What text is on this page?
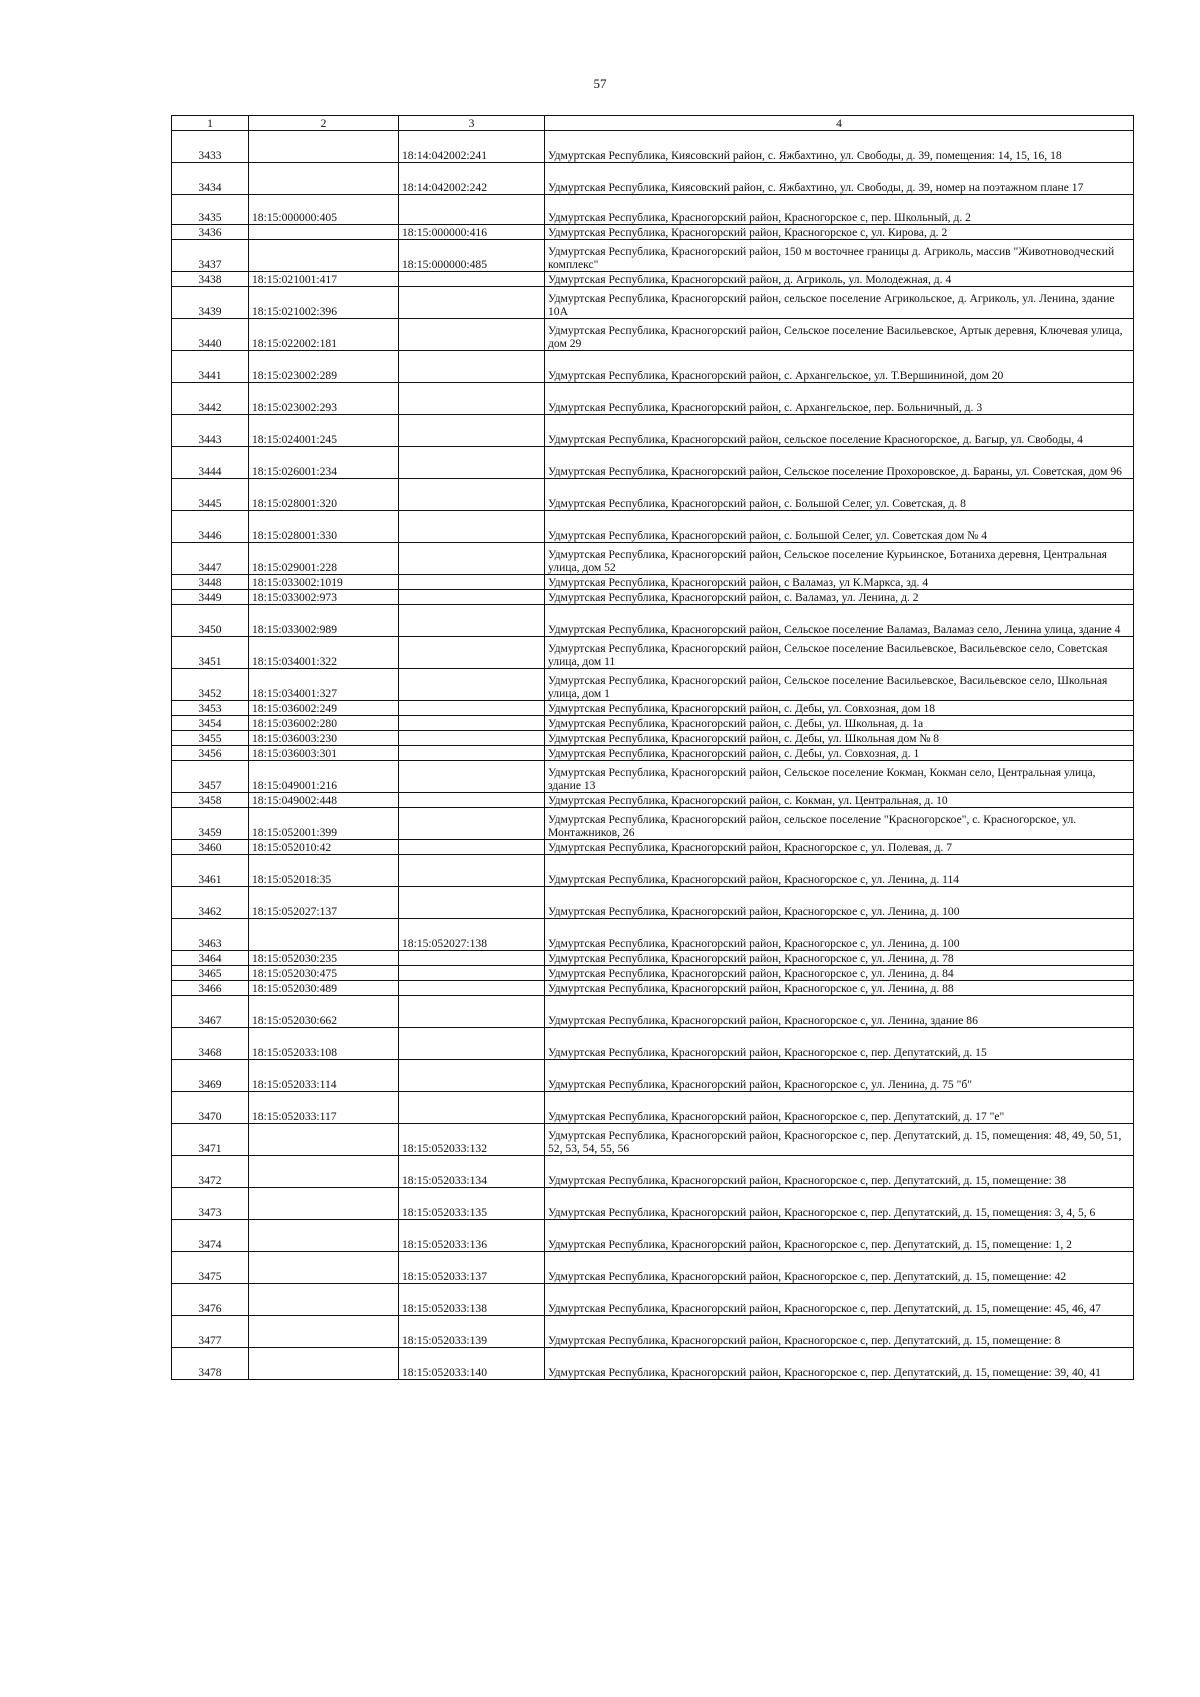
57
1	2	3	4
3433		18:14:042002:241	Удмуртская Республика, Киясовский район, с. Яжбахтино, ул. Свободы, д. 39, помещения: 14, 15, 16, 18
3434		18:14:042002:242	Удмуртская Республика, Киясовский район, с. Яжбахтино, ул. Свободы, д. 39, номер на поэтажном плане 17
3435	18:15:000000:405		Удмуртская Республика, Красногорский район, Красногорское с, пер. Школьный, д. 2
3436		18:15:000000:416	Удмуртская Республика, Красногорский район, Красногорское с, ул. Кирова, д. 2
3437		18:15:000000:485	Удмуртская Республика, Красногорский район, 150 м восточнее границы д. Агриколь, массив "Животноводческий комплекс"
3438	18:15:021001:417		Удмуртская Республика, Красногорский район, д. Агриколь, ул. Молодежная, д. 4
3439	18:15:021002:396		Удмуртская Республика, Красногорский район, сельское поселение Агрикольское, д. Агриколь, ул. Ленина, здание 10А
3440	18:15:022002:181		Удмуртская Республика, Красногорский район, Сельское поселение Васильевское, Артык деревня, Ключевая улица, дом 29
3441	18:15:023002:289		Удмуртская Республика, Красногорский район, с. Архангельское, ул. Т.Вершининой, дом 20
3442	18:15:023002:293		Удмуртская Республика, Красногорский район, с. Архангельское, пер. Больничный, д. 3
3443	18:15:024001:245		Удмуртская Республика, Красногорский район, сельское поселение Красногорское, д. Багыр, ул. Свободы, 4
3444	18:15:026001:234		Удмуртская Республика, Красногорский район, Сельское поселение Прохоровское, д. Бараны, ул. Советская, дом 96
3445	18:15:028001:320		Удмуртская Республика, Красногорский район, с. Большой Селег, ул. Советская, д. 8
3446	18:15:028001:330		Удмуртская Республика, Красногорский район, с. Большой Селег, ул. Советская дом № 4
3447	18:15:029001:228		Удмуртская Республика, Красногорский район, Сельское поселение Курьинское, Ботаниха деревня, Центральная улица, дом 52
3448	18:15:033002:1019		Удмуртская Республика, Красногорский район, с Валамаз, ул К.Маркса, зд. 4
3449	18:15:033002:973		Удмуртская Республика, Красногорский район, с. Валамаз, ул. Ленина, д. 2
3450	18:15:033002:989		Удмуртская Республика, Красногорский район, Сельское поселение Валамаз, Валамаз село, Ленина улица, здание 4
3451	18:15:034001:322		Удмуртская Республика, Красногорский район, Сельское поселение Васильевское, Васильевское село, Советская улица, дом 11
3452	18:15:034001:327		Удмуртская Республика, Красногорский район, Сельское поселение Васильевское, Васильевское село, Школьная улица, дом 1
3453	18:15:036002:249		Удмуртская Республика, Красногорский район, с. Дебы, ул. Совхозная, дом 18
3454	18:15:036002:280		Удмуртская Республика, Красногорский район, с. Дебы, ул. Школьная, д. 1а
3455	18:15:036003:230		Удмуртская Республика, Красногорский район, с. Дебы, ул. Школьная дом № 8
3456	18:15:036003:301		Удмуртская Республика, Красногорский район, с. Дебы, ул. Совхозная, д. 1
3457	18:15:049001:216		Удмуртская Республика, Красногорский район, Сельское поселение Кокман, Кокман село, Центральная улица, здание 13
3458	18:15:049002:448		Удмуртская Республика, Красногорский район, с. Кокман, ул. Центральная, д. 10
3459	18:15:052001:399		Удмуртская Республика, Красногорский район, сельское поселение "Красногорское", с. Красногорское, ул. Монтажников, 26
3460	18:15:052010:42		Удмуртская Республика, Красногорский район, Красногорское с, ул. Полевая, д. 7
3461	18:15:052018:35		Удмуртская Республика, Красногорский район, Красногорское с, ул. Ленина, д. 114
3462	18:15:052027:137		Удмуртская Республика, Красногорский район, Красногорское с, ул. Ленина, д. 100
3463		18:15:052027:138	Удмуртская Республика, Красногорский район, Красногорское с, ул. Ленина, д. 100
3464	18:15:052030:235		Удмуртская Республика, Красногорский район, Красногорское с, ул. Ленина, д. 78
3465	18:15:052030:475		Удмуртская Республика, Красногорский район, Красногорское с, ул. Ленина, д. 84
3466	18:15:052030:489		Удмуртская Республика, Красногорский район, Красногорское с, ул. Ленина, д. 88
3467	18:15:052030:662		Удмуртская Республика, Красногорский район, Красногорское с, ул. Ленина, здание 86
3468	18:15:052033:108		Удмуртская Республика, Красногорский район, Красногорское с, пер. Депутатский, д. 15
3469	18:15:052033:114		Удмуртская Республика, Красногорский район, Красногорское с, ул. Ленина, д. 75 "б"
3470	18:15:052033:117		Удмуртская Республика, Красногорский район, Красногорское с, пер. Депутатский, д. 17 "е"
3471		18:15:052033:132	Удмуртская Республика, Красногорский район, Красногорское с, пер. Депутатский, д. 15, помещения: 48, 49, 50, 51, 52, 53, 54, 55, 56
3472		18:15:052033:134	Удмуртская Республика, Красногорский район, Красногорское с, пер. Депутатский, д. 15, помещение: 38
3473		18:15:052033:135	Удмуртская Республика, Красногорский район, Красногорское с, пер. Депутатский, д. 15, помещения: 3, 4, 5, 6
3474		18:15:052033:136	Удмуртская Республика, Красногорский район, Красногорское с, пер. Депутатский, д. 15, помещение: 1, 2
3475		18:15:052033:137	Удмуртская Республика, Красногорский район, Красногорское с, пер. Депутатский, д. 15, помещение: 42
3476		18:15:052033:138	Удмуртская Республика, Красногорский район, Красногорское с, пер. Депутатский, д. 15, помещение: 45, 46, 47
3477		18:15:052033:139	Удмуртская Республика, Красногорский район, Красногорское с, пер. Депутатский, д. 15, помещение: 8
3478		18:15:052033:140	Удмуртская Республика, Красногорский район, Красногорское с, пер. Депутатский, д. 15, помещение: 39, 40, 41
